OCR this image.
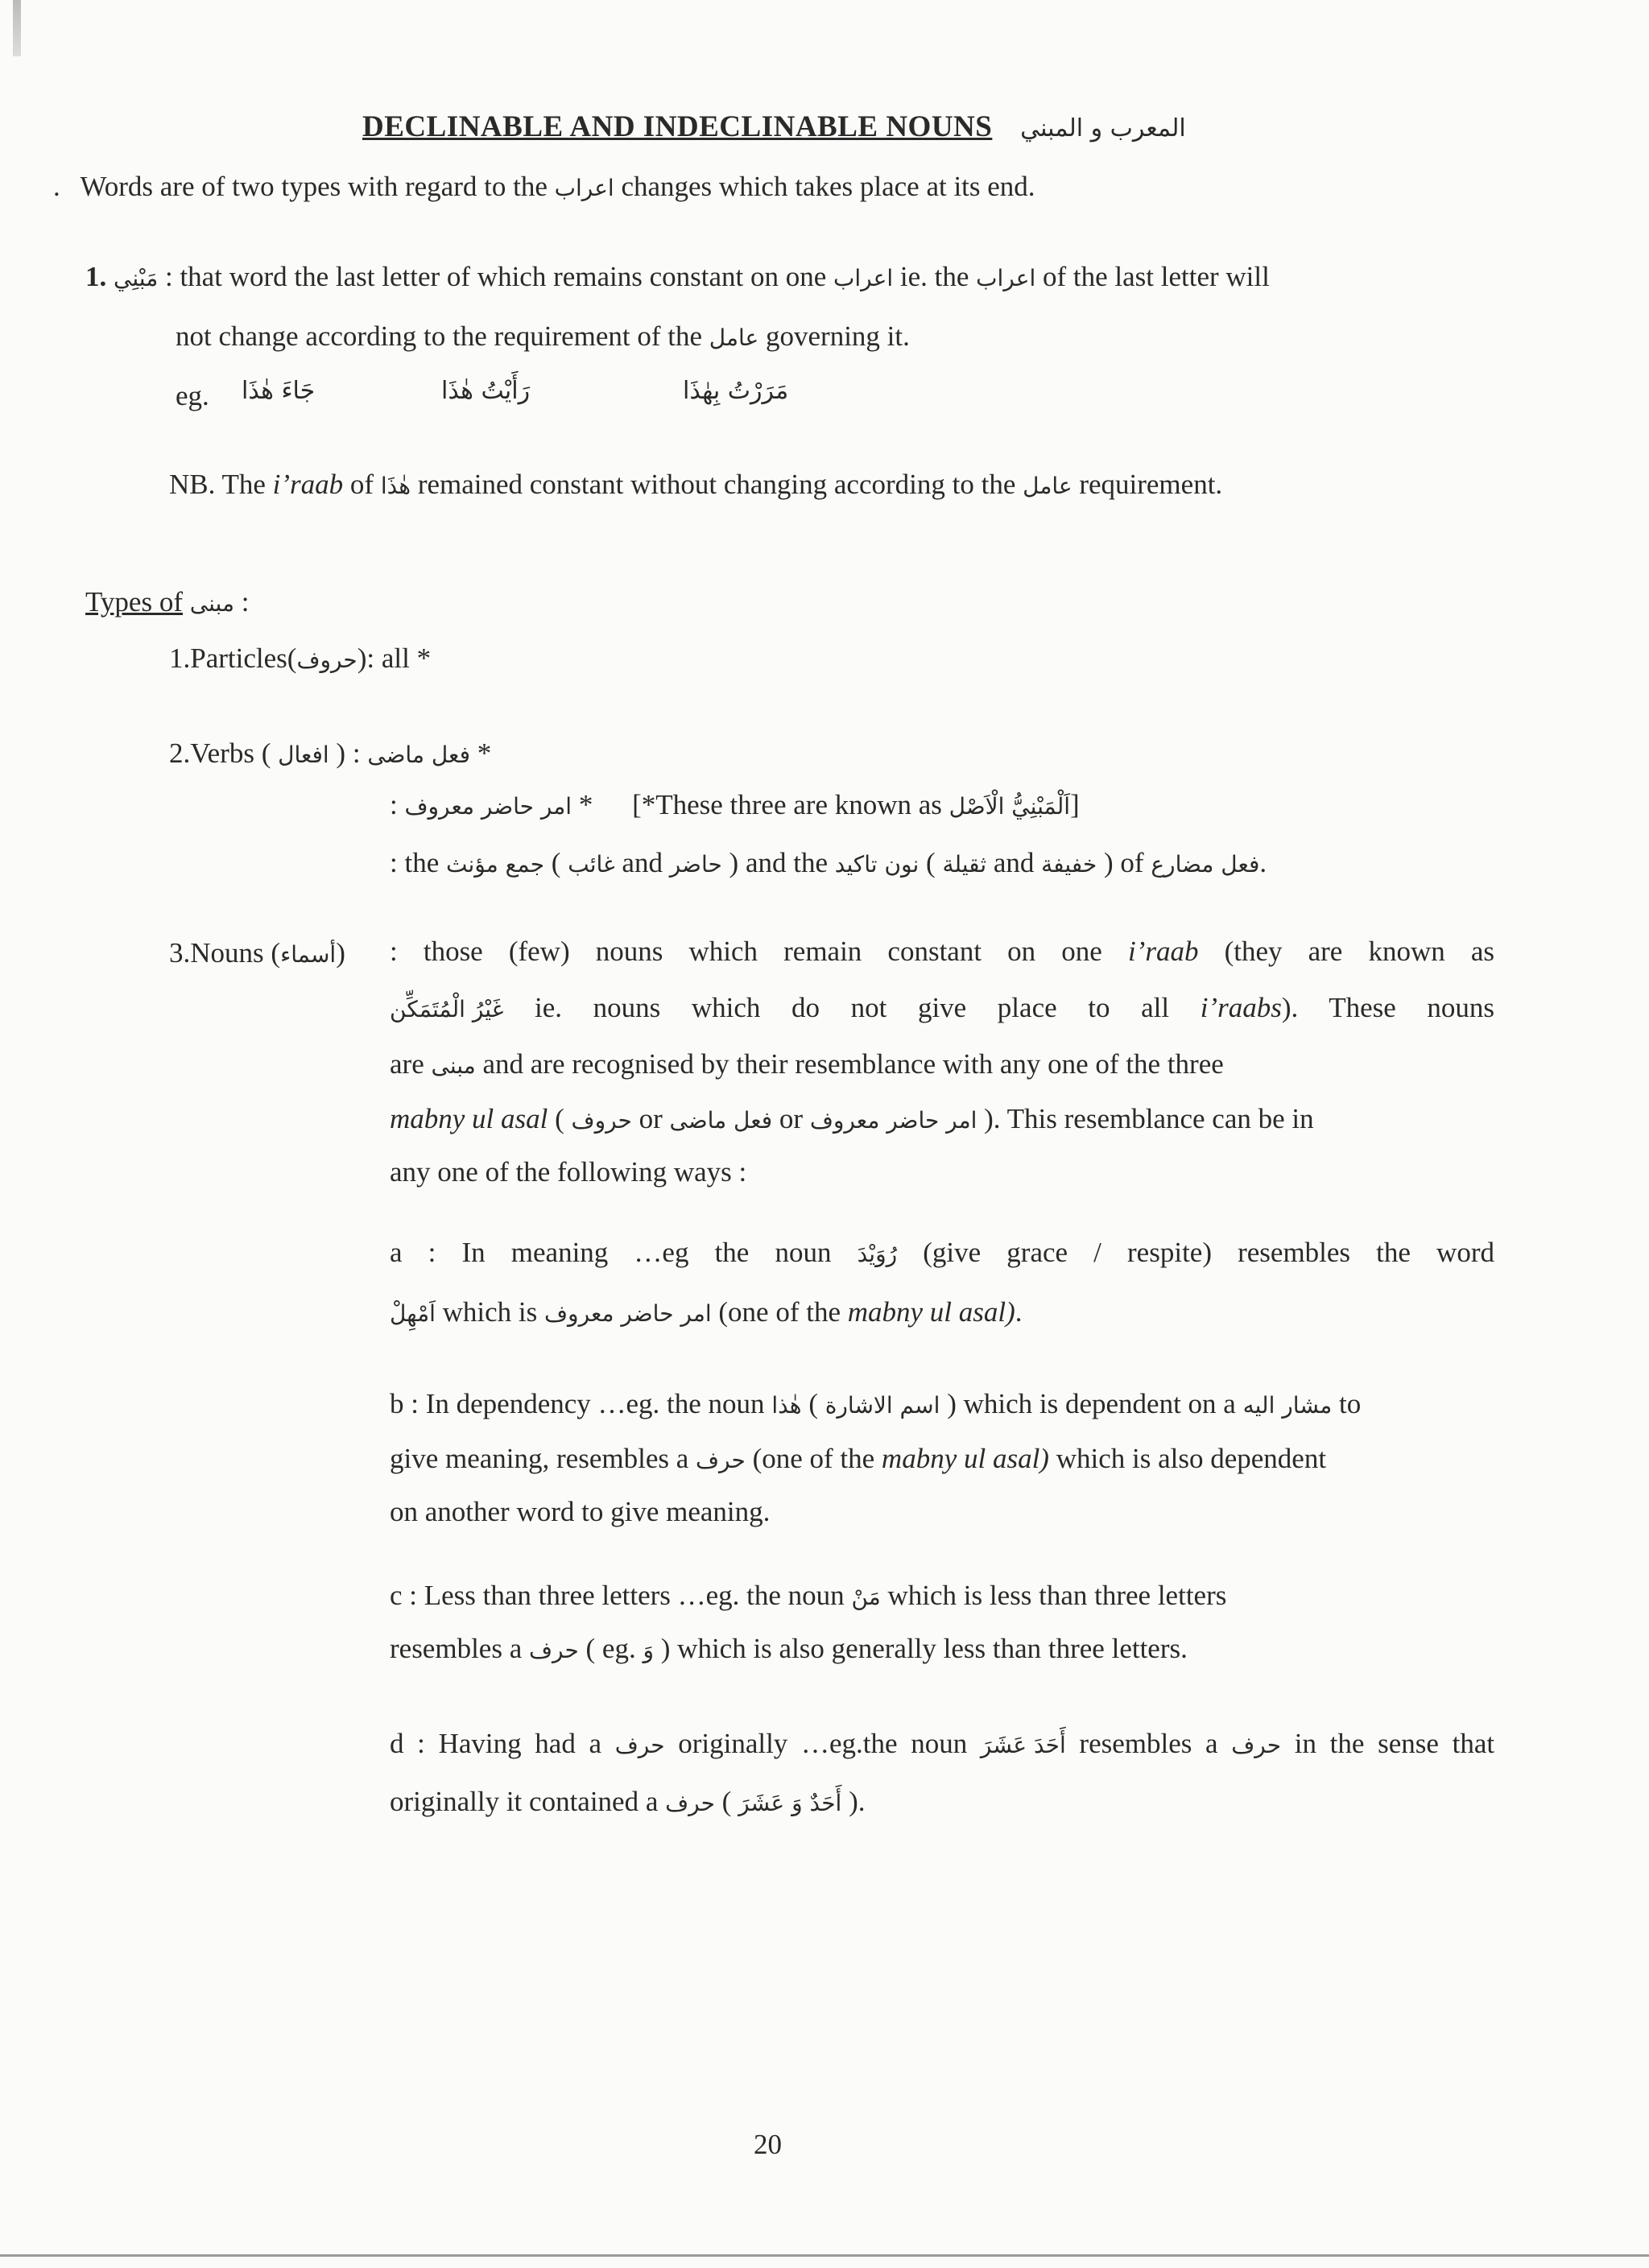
DECLINABLE AND INDECLINABLE NOUNS المعرب و المبني
. Words are of two types with regard to the اعراب changes which takes place at its end.
1. مَبْنِي : that word the last letter of which remains constant on one اعراب ie. the اعراب of the last letter will
not change according to the requirement of the عامل governing it.
eg. جَاءَ هٰذَا	رَأَيْتُ هٰذَا	مَرَرْتُ بِهٰذَا
NB. The i’raab of هٰذَا remained constant without changing according to the عامل requirement.
Types of مبنى :
1.Particles(حروف): all *
2.Verbs ( افعال ) : فعل ماضى *
: امر حاضر معروف * [*These three are known as اَلْمَبْنِيُّ الْاَصْل]
: the جمع مؤنث ( غائب and حاضر ) and the نون تاكيد ( ثقيلة and خفيفة ) of فعل مضارع.
3.Nouns (أسماء) : those (few) nouns which remain constant on one i’raab (they are known as
غَيْرُ الْمُتَمَكِّن ie. nouns which do not give place to all i’raabs). These nouns
are مبنى and are recognised by their resemblance with any one of the three
mabny ul asal ( حروف or فعل ماضى or امر حاضر معروف ). This resemblance can be in
any one of the following ways :
a : In meaning …eg the noun رُوَيْدَ (give grace / respite) resembles the word
اَمْهِلْ which is امر حاضر معروف (one of the mabny ul asal).
b : In dependency …eg. the noun هٰذا ( اسم الاشارة ) which is dependent on a مشار اليه to
give meaning, resembles a حرف (one of the mabny ul asal) which is also dependent
on another word to give meaning.
c : Less than three letters …eg. the noun مَنْ which is less than three letters
resembles a حرف ( eg. وَ ) which is also generally less than three letters.
d : Having had a حرف originally …eg.the noun أَحَدَ عَشَرَ resembles a حرف in the sense that
originally it contained a حرف ( أَحَدٌ وَ عَشَرَ ).
20
